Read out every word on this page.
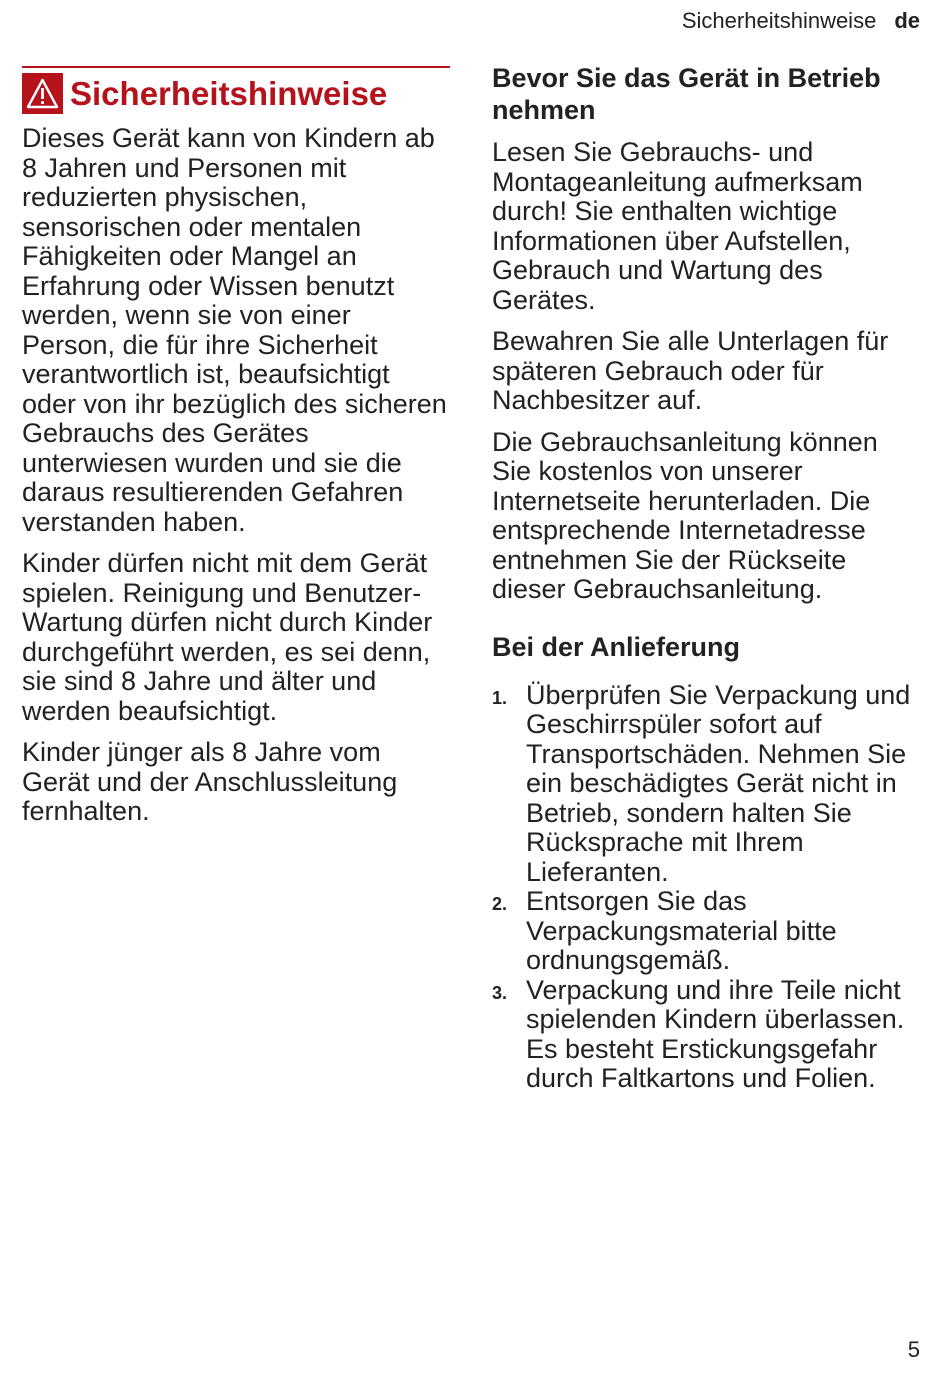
Sicherheitshinweise de
Sicherheitshinweise

Dieses Gerät kann von Kindern ab 8 Jahren und Personen mit reduzierten physischen, sensorischen oder mentalen Fähigkeiten oder Mangel an Erfahrung oder Wissen benutzt werden, wenn sie von einer Person, die für ihre Sicherheit verantwortlich ist, beaufsichtigt oder von ihr bezüglich des sicheren Gebrauchs des Gerätes unterwiesen wurden und sie die daraus resultierenden Gefahren verstanden haben.

Kinder dürfen nicht mit dem Gerät spielen. Reinigung und Benutzer-Wartung dürfen nicht durch Kinder durchgeführt werden, es sei denn, sie sind 8 Jahre und älter und werden beaufsichtigt.

Kinder jünger als 8 Jahre vom Gerät und der Anschlussleitung fernhalten.

Bevor Sie das Gerät in Betrieb nehmen

Lesen Sie Gebrauchs- und Montageanleitung aufmerksam durch! Sie enthalten wichtige Informationen über Aufstellen, Gebrauch und Wartung des Gerätes.

Bewahren Sie alle Unterlagen für späteren Gebrauch oder für Nachbesitzer auf.

Die Gebrauchsanleitung können Sie kostenlos von unserer Internetseite herunterladen. Die entsprechende Internetadresse entnehmen Sie der Rückseite dieser Gebrauchsanleitung.

Bei der Anlieferung
1. Überprüfen Sie Verpackung und Geschirrspüler sofort auf Transportschäden. Nehmen Sie ein beschädigtes Gerät nicht in Betrieb, sondern halten Sie Rücksprache mit Ihrem Lieferanten.
2. Entsorgen Sie das Verpackungsmaterial bitte ordnungsgemäß.
3. Verpackung und ihre Teile nicht spielenden Kindern überlassen. Es besteht Erstickungsgefahr durch Faltkartons und Folien.
5
